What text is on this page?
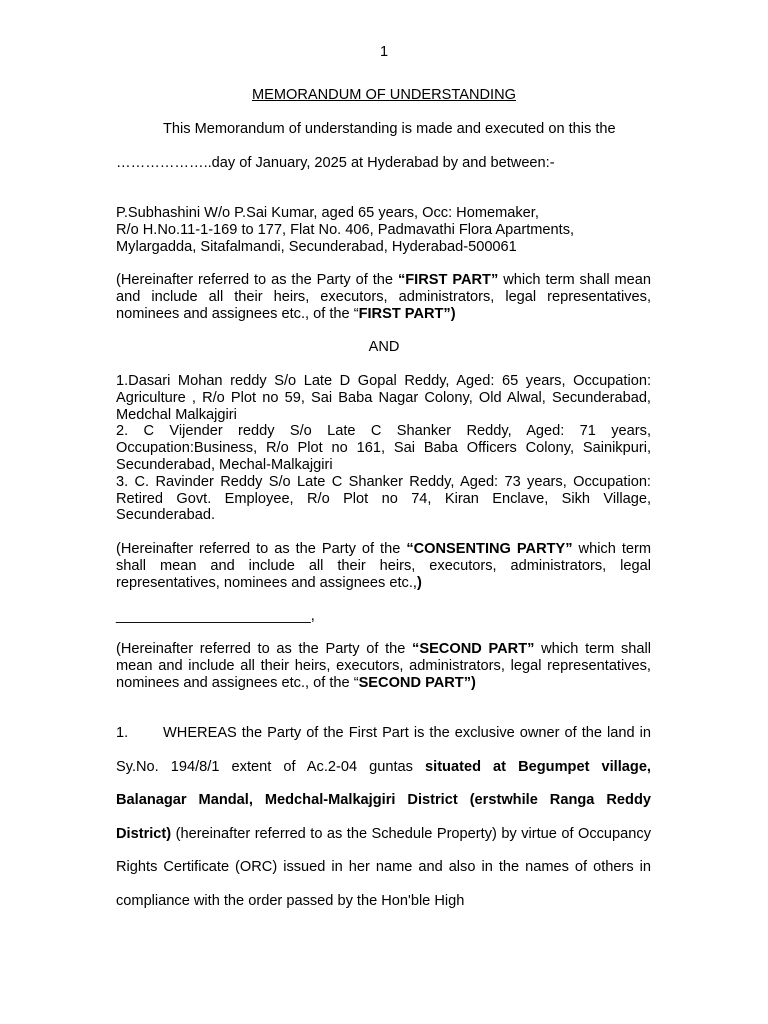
1
MEMORANDUM OF UNDERSTANDING
This Memorandum of understanding is made and executed on this the
………………..day of January, 2025 at Hyderabad by and between:-
P.Subhashini W/o P.Sai Kumar, aged 65 years, Occ: Homemaker,
R/o H.No.11-1-169 to 177, Flat No. 406, Padmavathi Flora Apartments,
Mylargadda, Sitafalmandi, Secunderabad, Hyderabad-500061
(Hereinafter referred to as the Party of the “FIRST PART” which term shall mean and include all their heirs, executors, administrators, legal representatives, nominees and assignees etc., of the “FIRST PART”)
AND
1.Dasari Mohan reddy S/o Late D Gopal Reddy, Aged: 65 years, Occupation: Agriculture , R/o Plot no 59, Sai Baba Nagar Colony, Old Alwal, Secunderabad, Medchal Malkajgiri
2. C Vijender reddy S/o Late C Shanker Reddy, Aged: 71 years, Occupation:Business, R/o Plot no 161, Sai Baba Officers Colony, Sainikpuri, Secunderabad, Mechal-Malkajgiri
3. C. Ravinder Reddy S/o Late C Shanker Reddy, Aged: 73 years, Occupation: Retired Govt. Employee, R/o Plot no 74, Kiran Enclave, Sikh Village, Secunderabad.
(Hereinafter referred to as the Party of the “CONSENTING PARTY” which term shall mean and include all their heirs, executors, administrators, legal representatives, nominees and assignees etc.,)
________________________,
(Hereinafter referred to as the Party of the “SECOND PART” which term shall mean and include all their heirs, executors, administrators, legal representatives, nominees and assignees etc., of the “SECOND PART”)
1. WHEREAS the Party of the First Part is the exclusive owner of the land in Sy.No. 194/8/1 extent of Ac.2-04 guntas situated at Begumpet village, Balanagar Mandal, Medchal-Malkajgiri District (erstwhile Ranga Reddy District) (hereinafter referred to as the Schedule Property) by virtue of Occupancy Rights Certificate (ORC) issued in her name and also in the names of others in compliance with the order passed by the Hon'ble High
